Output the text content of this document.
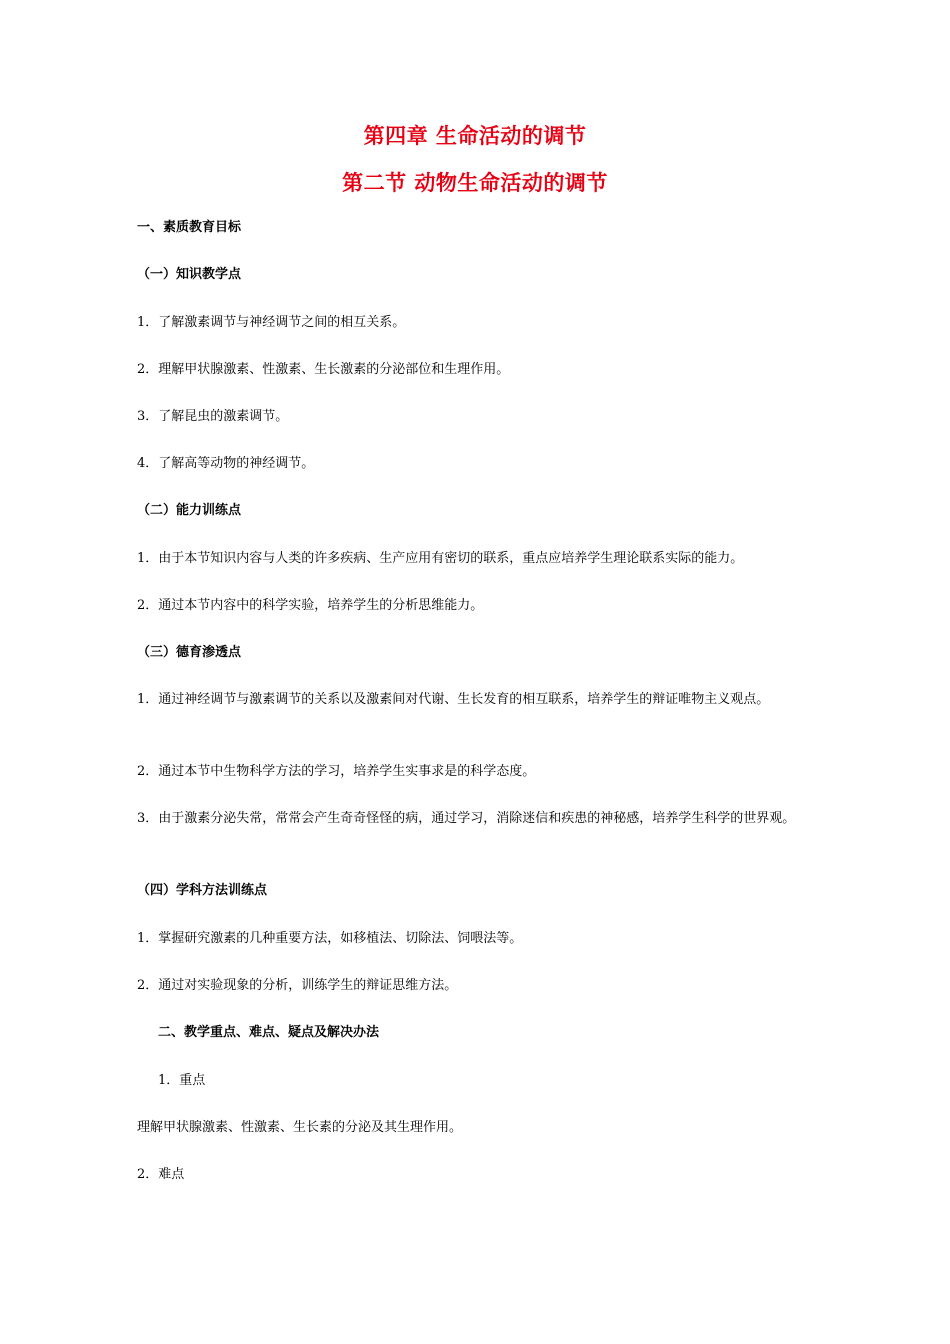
第四章 生命活动的调节
第二节 动物生命活动的调节

一、素质教育目标

（一）知识教学点

1．了解激素调节与神经调节之间的相互关系。

2．理解甲状腺激素、性激素、生长激素的分泌部位和生理作用。

3．了解昆虫的激素调节。

4．了解高等动物的神经调节。

（二）能力训练点

1．由于本节知识内容与人类的许多疾病、生产应用有密切的联系，重点应培养学生理论联系实际的能力。

2．通过本节内容中的科学实验，培养学生的分析思维能力。

（三）德育渗透点

1．通过神经调节与激素调节的关系以及激素间对代谢、生长发育的相互联系，培养学生的辩证唯物主义观点。

2．通过本节中生物科学方法的学习，培养学生实事求是的科学态度。

3．由于激素分泌失常，常常会产生奇奇怪怪的病，通过学习，消除迷信和疾患的神秘感，培养学生科学的世界观。

（四）学科方法训练点

1．掌握研究激素的几种重要方法，如移植法、切除法、饲喂法等。

2．通过对实验现象的分析，训练学生的辩证思维方法。

二、教学重点、难点、疑点及解决办法

1．重点

理解甲状腺激素、性激素、生长素的分泌及其生理作用。

2．难点
